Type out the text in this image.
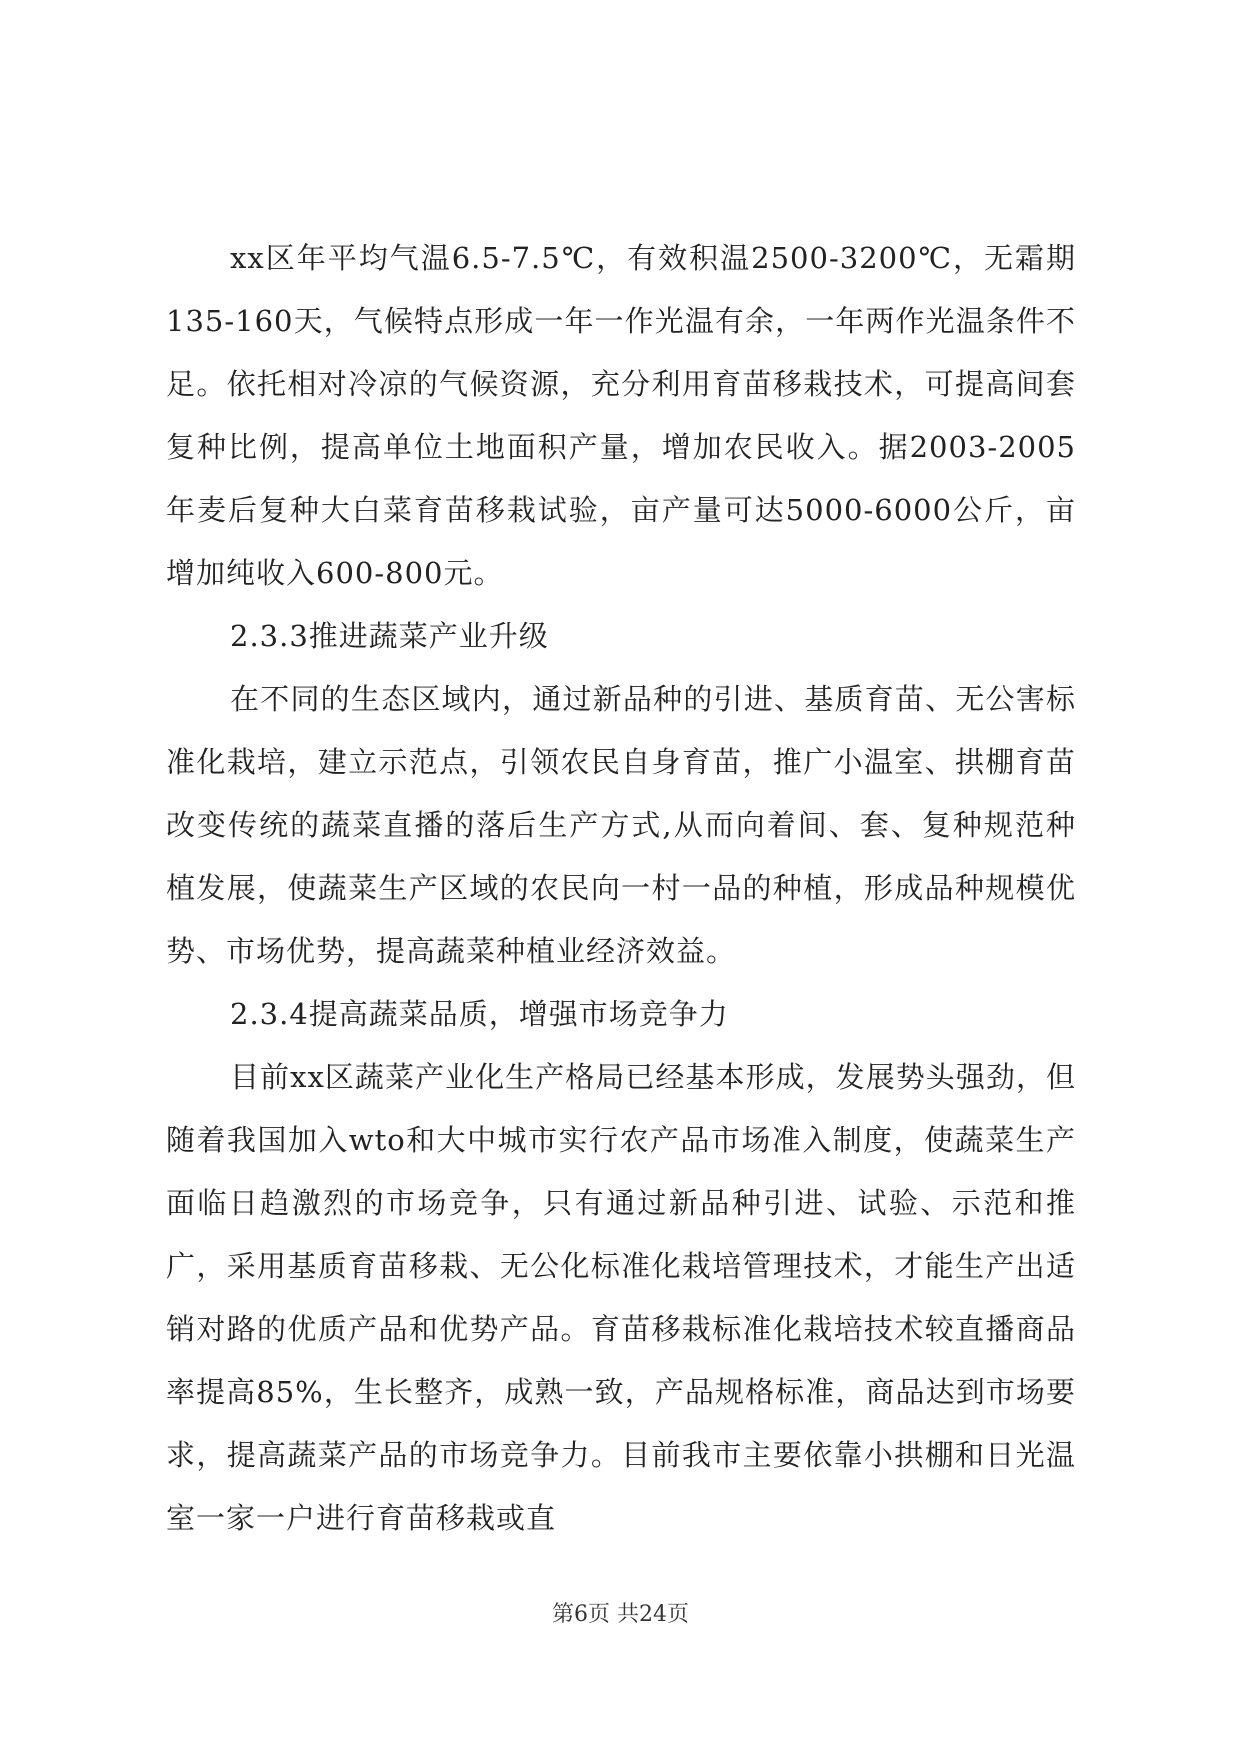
xx区年平均气温6.5-7.5℃，有效积温2500-3200℃，无霜期135-160天，气候特点形成一年一作光温有余，一年两作光温条件不足。依托相对冷凉的气候资源，充分利用育苗移栽技术，可提高间套复种比例，提高单位土地面积产量，增加农民收入。据2003-2005年麦后复种大白菜育苗移栽试验，亩产量可达5000-6000公斤，亩增加纯收入600-800元。

2.3.3推进蔬菜产业升级

在不同的生态区域内，通过新品种的引进、基质育苗、无公害标准化栽培，建立示范点，引领农民自身育苗，推广小温室、拱棚育苗改变传统的蔬菜直播的落后生产方式,从而向着间、套、复种规范种植发展，使蔬菜生产区域的农民向一村一品的种植，形成品种规模优势、市场优势，提高蔬菜种植业经济效益。

2.3.4提高蔬菜品质，增强市场竞争力

目前xx区蔬菜产业化生产格局已经基本形成，发展势头强劲，但随着我国加入wto和大中城市实行农产品市场准入制度，使蔬菜生产面临日趋激烈的市场竞争，只有通过新品种引进、试验、示范和推广，采用基质育苗移栽、无公化标准化栽培管理技术，才能生产出适销对路的优质产品和优势产品。育苗移栽标准化栽培技术较直播商品率提高85%，生长整齐，成熟一致，产品规格标准，商品达到市场要求，提高蔬菜产品的市场竞争力。目前我市主要依靠小拱棚和日光温室一家一户进行育苗移栽或直

第6页 共24页
